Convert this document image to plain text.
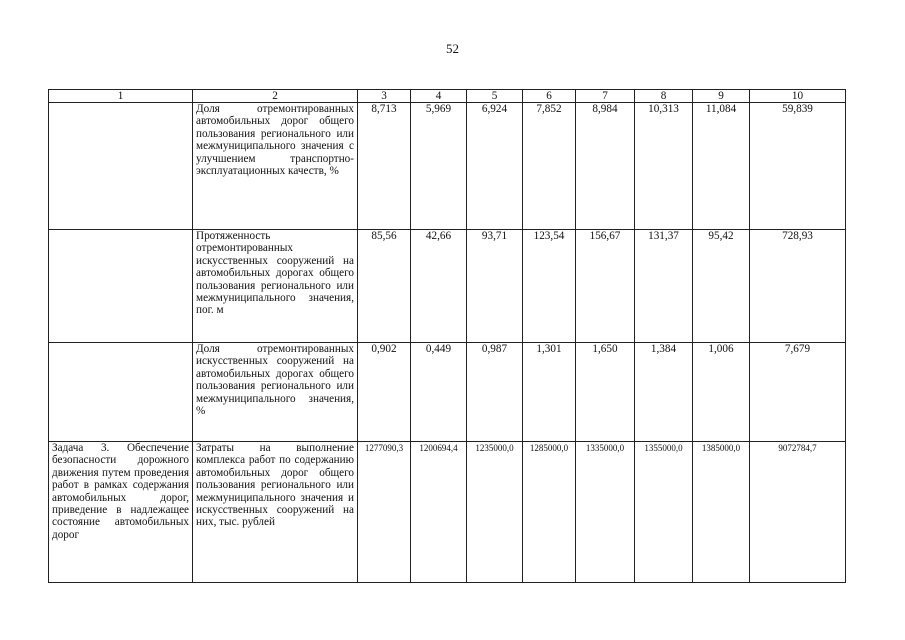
52
1	2	3	4	5	6	7	8	9	10
	Доля отремонтированных автомобильных дорог общего пользования регионального или межмуниципального значения с улучшением транспортно-эксплуатационных качеств, %	8,713	5,969	6,924	7,852	8,984	10,313	11,084	59,839
	Протяженность отремонтированных искусственных сооружений на автомобильных дорогах общего пользования регионального или межмуниципального значения, пог. м	85,56	42,66	93,71	123,54	156,67	131,37	95,42	728,93
	Доля отремонтированных искусственных сооружений на автомобильных дорогах общего пользования регионального или межмуниципального значения, %	0,902	0,449	0,987	1,301	1,650	1,384	1,006	7,679
Задача 3. Обеспечение безопасности дорожного движения путем проведения работ в рамках содержания автомобильных дорог, приведение в надлежащее состояние автомобильных дорог	Затраты на выполнение комплекса работ по содержанию автомобильных дорог общего пользования регионального или межмуниципального значения и искусственных сооружений на них, тыс. рублей	1277090,3	1200694,4	1235000,0	1285000,0	1335000,0	1355000,0	1385000,0	9072784,7
